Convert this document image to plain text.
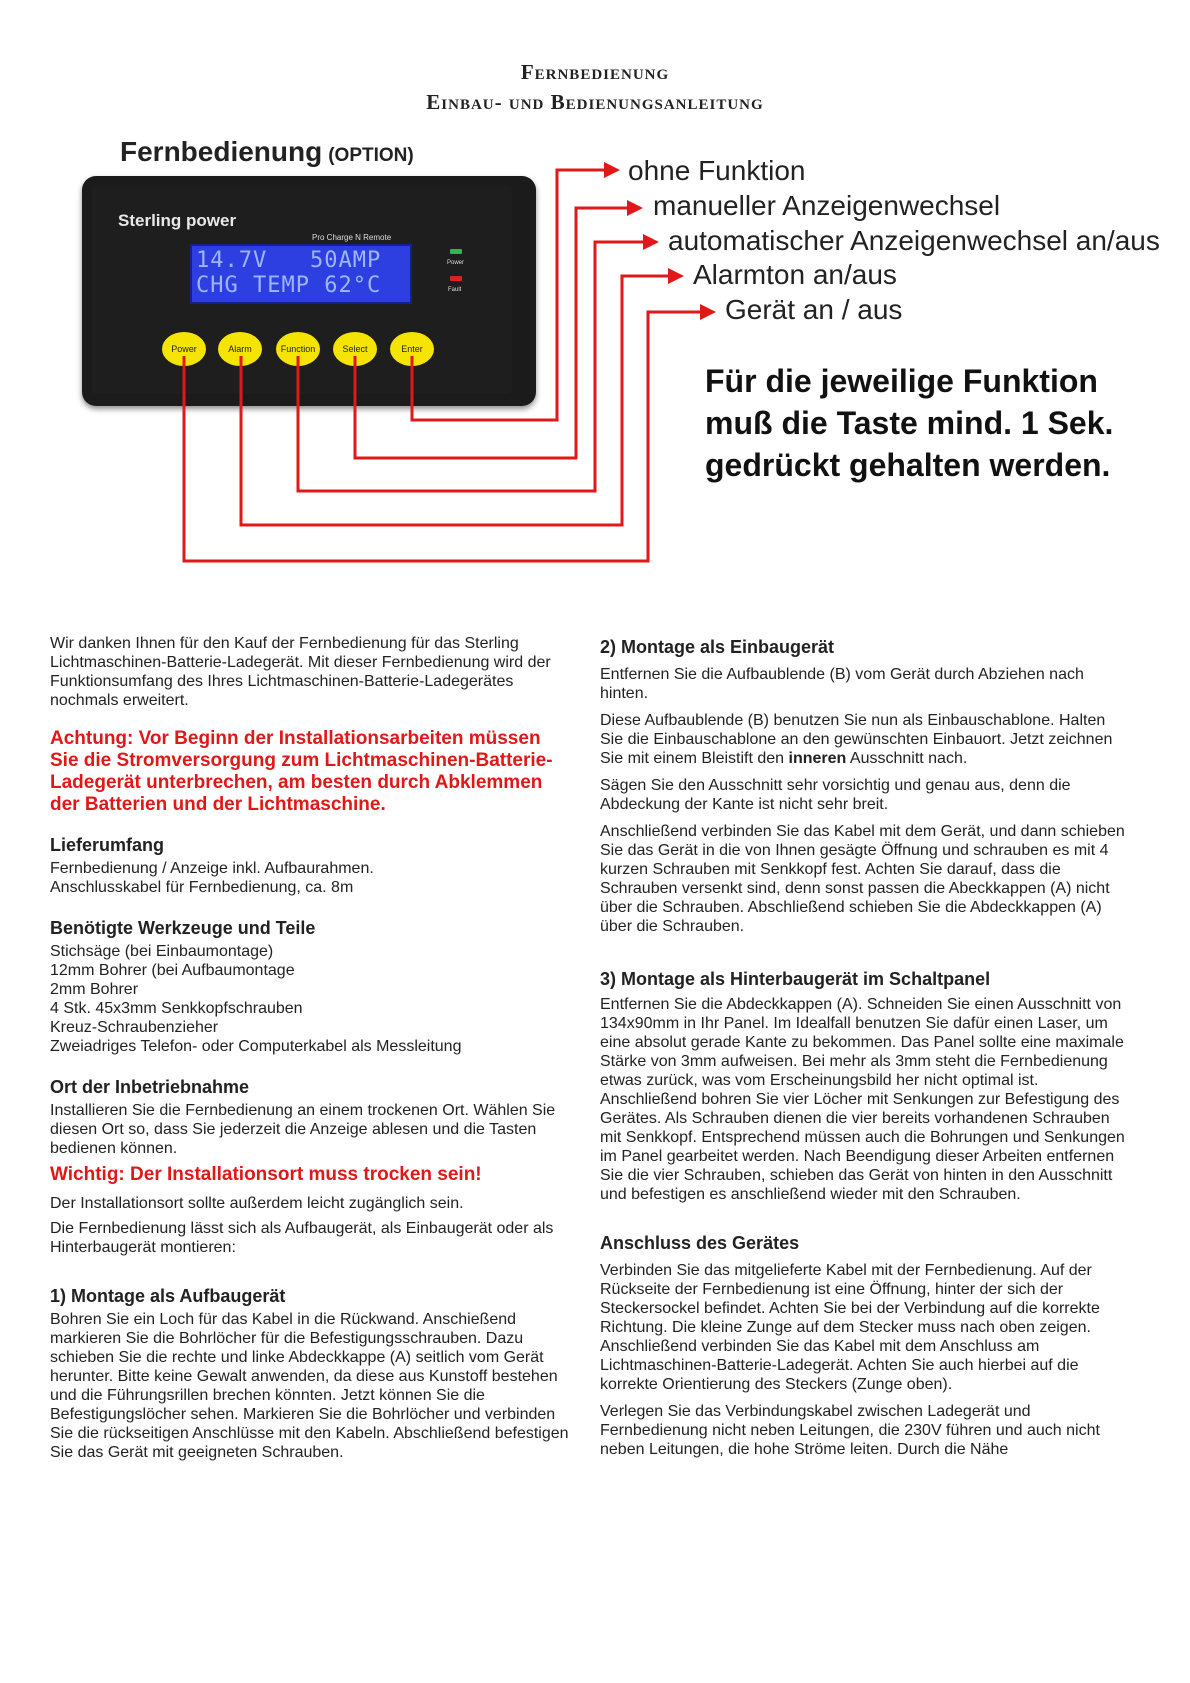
Fernbedienung
Einbau- und Bedienungsanleitung
Fernbedienung (OPTION)
Sterling power
Pro Charge N Remote
14.7V   50AMP
CHG TEMP 62°C
Power
Fault
Power	Alarm	Function	Select	Enter
ohne Funktion
manueller Anzeigenwechsel
automatischer Anzeigenwechsel an/aus
Alarmton an/aus
Gerät an / aus
Für die jeweilige Funktion muß die Taste mind. 1 Sek. gedrückt gehalten werden.

Wir danken Ihnen für den Kauf der Fernbedienung für das Sterling Lichtmaschinen-Batterie-Ladegerät. Mit dieser Fernbedienung wird der Funktionsumfang des Ihres Lichtmaschinen-Batterie-Ladegerätes nochmals erweitert.

Achtung: Vor Beginn der Installationsarbeiten müssen Sie die Stromversorgung zum Lichtmaschinen-Batterie-Ladegerät unterbrechen, am besten durch Abklemmen der Batterien und der Lichtmaschine.

Lieferumfang

Fernbedienung / Anzeige inkl. Aufbaurahmen. Anschlusskabel für Fernbedienung, ca. 8m

Benötigte Werkzeuge und Teile
Stichsäge (bei Einbaumontage)
12mm Bohrer (bei Aufbaumontage
2mm Bohrer
4 Stk. 45x3mm Senkkopfschrauben
Kreuz-Schraubenzieher
Zweiadriges Telefon- oder Computerkabel als Messleitung
Ort der Inbetriebnahme

Installieren Sie die Fernbedienung an einem trockenen Ort. Wählen Sie diesen Ort so, dass Sie jederzeit die Anzeige ablesen und die Tasten bedienen können.

Wichtig: Der Installationsort muss trocken sein!

Der Installationsort sollte außerdem leicht zugänglich sein.

Die Fernbedienung lässt sich als Aufbaugerät, als Einbaugerät oder als Hinterbaugerät montieren:

1) Montage als Aufbaugerät

Bohren Sie ein Loch für das Kabel in die Rückwand. Anschießend markieren Sie die Bohrlöcher für die Befestigungsschrauben. Dazu schieben Sie die rechte und linke Abdeckkappe (A) seitlich vom Gerät herunter. Bitte keine Gewalt anwenden, da diese aus Kunstoff bestehen und die Führungsrillen brechen könnten. Jetzt können Sie die Befestigungslöcher sehen. Markieren Sie die Bohrlöcher und verbinden Sie die rückseitigen Anschlüsse mit den Kabeln. Abschließend befestigen Sie das Gerät mit geeigneten Schrauben.

2) Montage als Einbaugerät

Entfernen Sie die Aufbaublende (B) vom Gerät durch Abziehen nach hinten.

Diese Aufbaublende (B) benutzen Sie nun als Einbauschablone. Halten Sie die Einbauschablone an den gewünschten Einbauort. Jetzt zeichnen Sie mit einem Bleistift den inneren Ausschnitt nach.

Sägen Sie den Ausschnitt sehr vorsichtig und genau aus, denn die Abdeckung der Kante ist nicht sehr breit.

Anschließend verbinden Sie das Kabel mit dem Gerät, und dann schieben Sie das Gerät in die von Ihnen gesägte Öffnung und schrauben es mit 4 kurzen Schrauben mit Senkkopf fest. Achten Sie darauf, dass die Schrauben versenkt sind, denn sonst passen die Abeckkappen (A) nicht über die Schrauben. Abschließend schieben Sie die Abdeckkappen (A) über die Schrauben.

3) Montage als Hinterbaugerät im Schaltpanel

Entfernen Sie die Abdeckkappen (A). Schneiden Sie einen Ausschnitt von 134x90mm in Ihr Panel. Im Idealfall benutzen Sie dafür einen Laser, um eine absolut gerade Kante zu bekommen. Das Panel sollte eine maximale Stärke von 3mm aufweisen. Bei mehr als 3mm steht die Fernbedienung etwas zurück, was vom Erscheinungsbild her nicht optimal ist. Anschließend bohren Sie vier Löcher mit Senkungen zur Befestigung des Gerätes. Als Schrauben dienen die vier bereits vorhandenen Schrauben mit Senkkopf. Entsprechend müssen auch die Bohrungen und Senkungen im Panel gearbeitet werden. Nach Beendigung dieser Arbeiten entfernen Sie die vier Schrauben, schieben das Gerät von hinten in den Ausschnitt und befestigen es anschließend wieder mit den Schrauben.

Anschluss des Gerätes

Verbinden Sie das mitgelieferte Kabel mit der Fernbedienung. Auf der Rückseite der Fernbedienung ist eine Öffnung, hinter der sich der Steckersockel befindet. Achten Sie bei der Verbindung auf die korrekte Richtung. Die kleine Zunge auf dem Stecker muss nach oben zeigen. Anschließend verbinden Sie das Kabel mit dem Anschluss am Lichtmaschinen-Batterie-Ladegerät. Achten Sie auch hierbei auf die korrekte Orientierung des Steckers (Zunge oben).

Verlegen Sie das Verbindungskabel zwischen Ladegerät und Fernbedienung nicht neben Leitungen, die 230V führen und auch nicht neben Leitungen, die hohe Ströme leiten. Durch die Nähe
